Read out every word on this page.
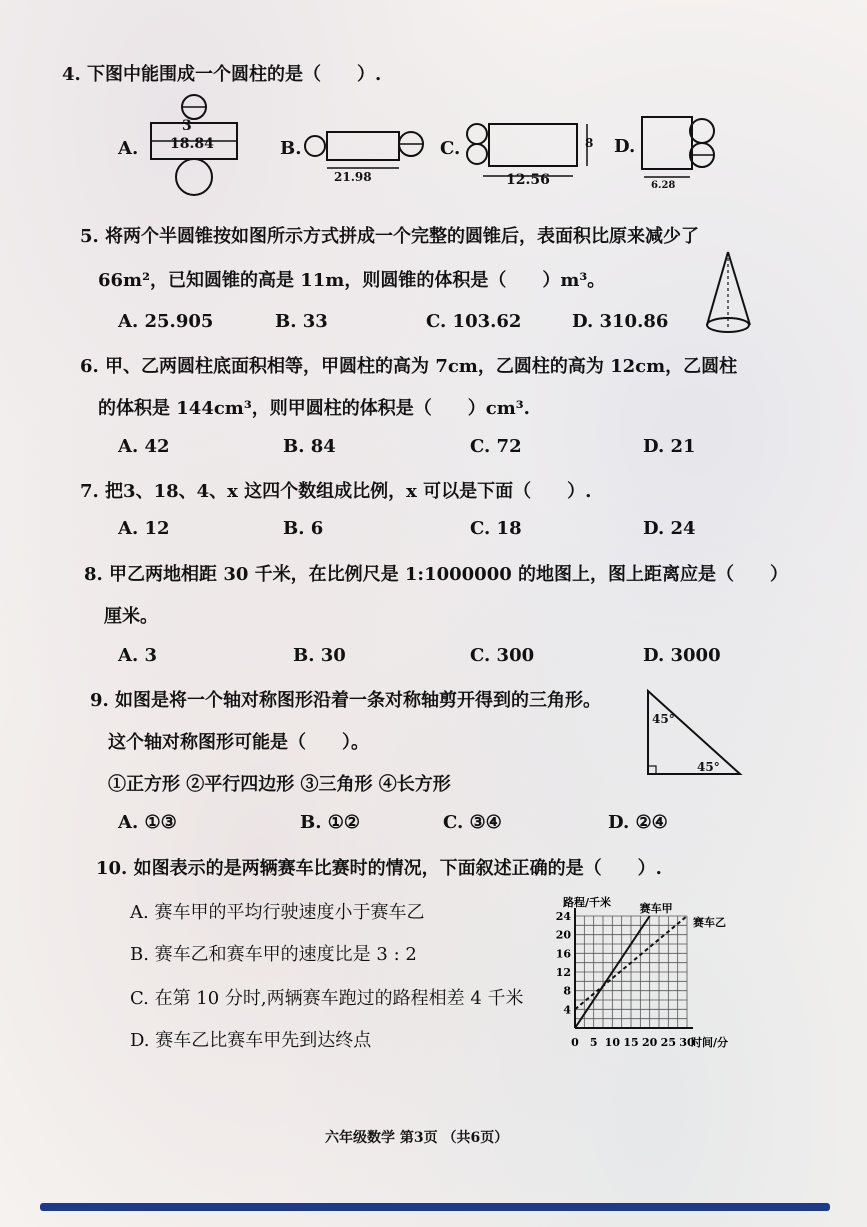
4. 下图中能围成一个圆柱的是（　　）.
A.
3
18.84	B.
21.98
C.	8
12.56
D.
6.28
5. 将两个半圆锥按如图所示方式拼成一个完整的圆锥后，表面积比原来减少了
66m²，已知圆锥的高是 11m，则圆锥的体积是（　　）m³。
A. 25.905	B. 33	C. 103.62	D. 310.86
6. 甲、乙两圆柱底面积相等，甲圆柱的高为 7cm，乙圆柱的高为 12cm，乙圆柱
的体积是 144cm³，则甲圆柱的体积是（　　）cm³.
A. 42	B. 84	C. 72	D. 21
7. 把3、18、4、x 这四个数组成比例，x 可以是下面（　　）.
A. 12	B. 6	C. 18	D. 24
8. 甲乙两地相距 30 千米，在比例尺是 1:1000000 的地图上，图上距离应是（　　）
厘米。
A. 3	B. 30	C. 300	D. 3000
9. 如图是将一个轴对称图形沿着一条对称轴剪开得到的三角形。
这个轴对称图形可能是（　　）。
①正方形 ②平行四边形 ③三角形 ④长方形
45°
45°
A. ①③	B. ①②	C. ③④	D. ②④
10. 如图表示的是两辆赛车比赛时的情况，下面叙述正确的是（　　）.
A. 赛车甲的平均行驶速度小于赛车乙
B. 赛车乙和赛车甲的速度比是 3 : 2
C. 在第 10 分时,两辆赛车跑过的路程相差 4 千米
D. 赛车乙比赛车甲先到达终点
4
8
12
16
20
24
0 5 10 15 20 25 30
路程/千米
时间/分
赛车甲
赛车乙
六年级数学 第3页 （共6页）
